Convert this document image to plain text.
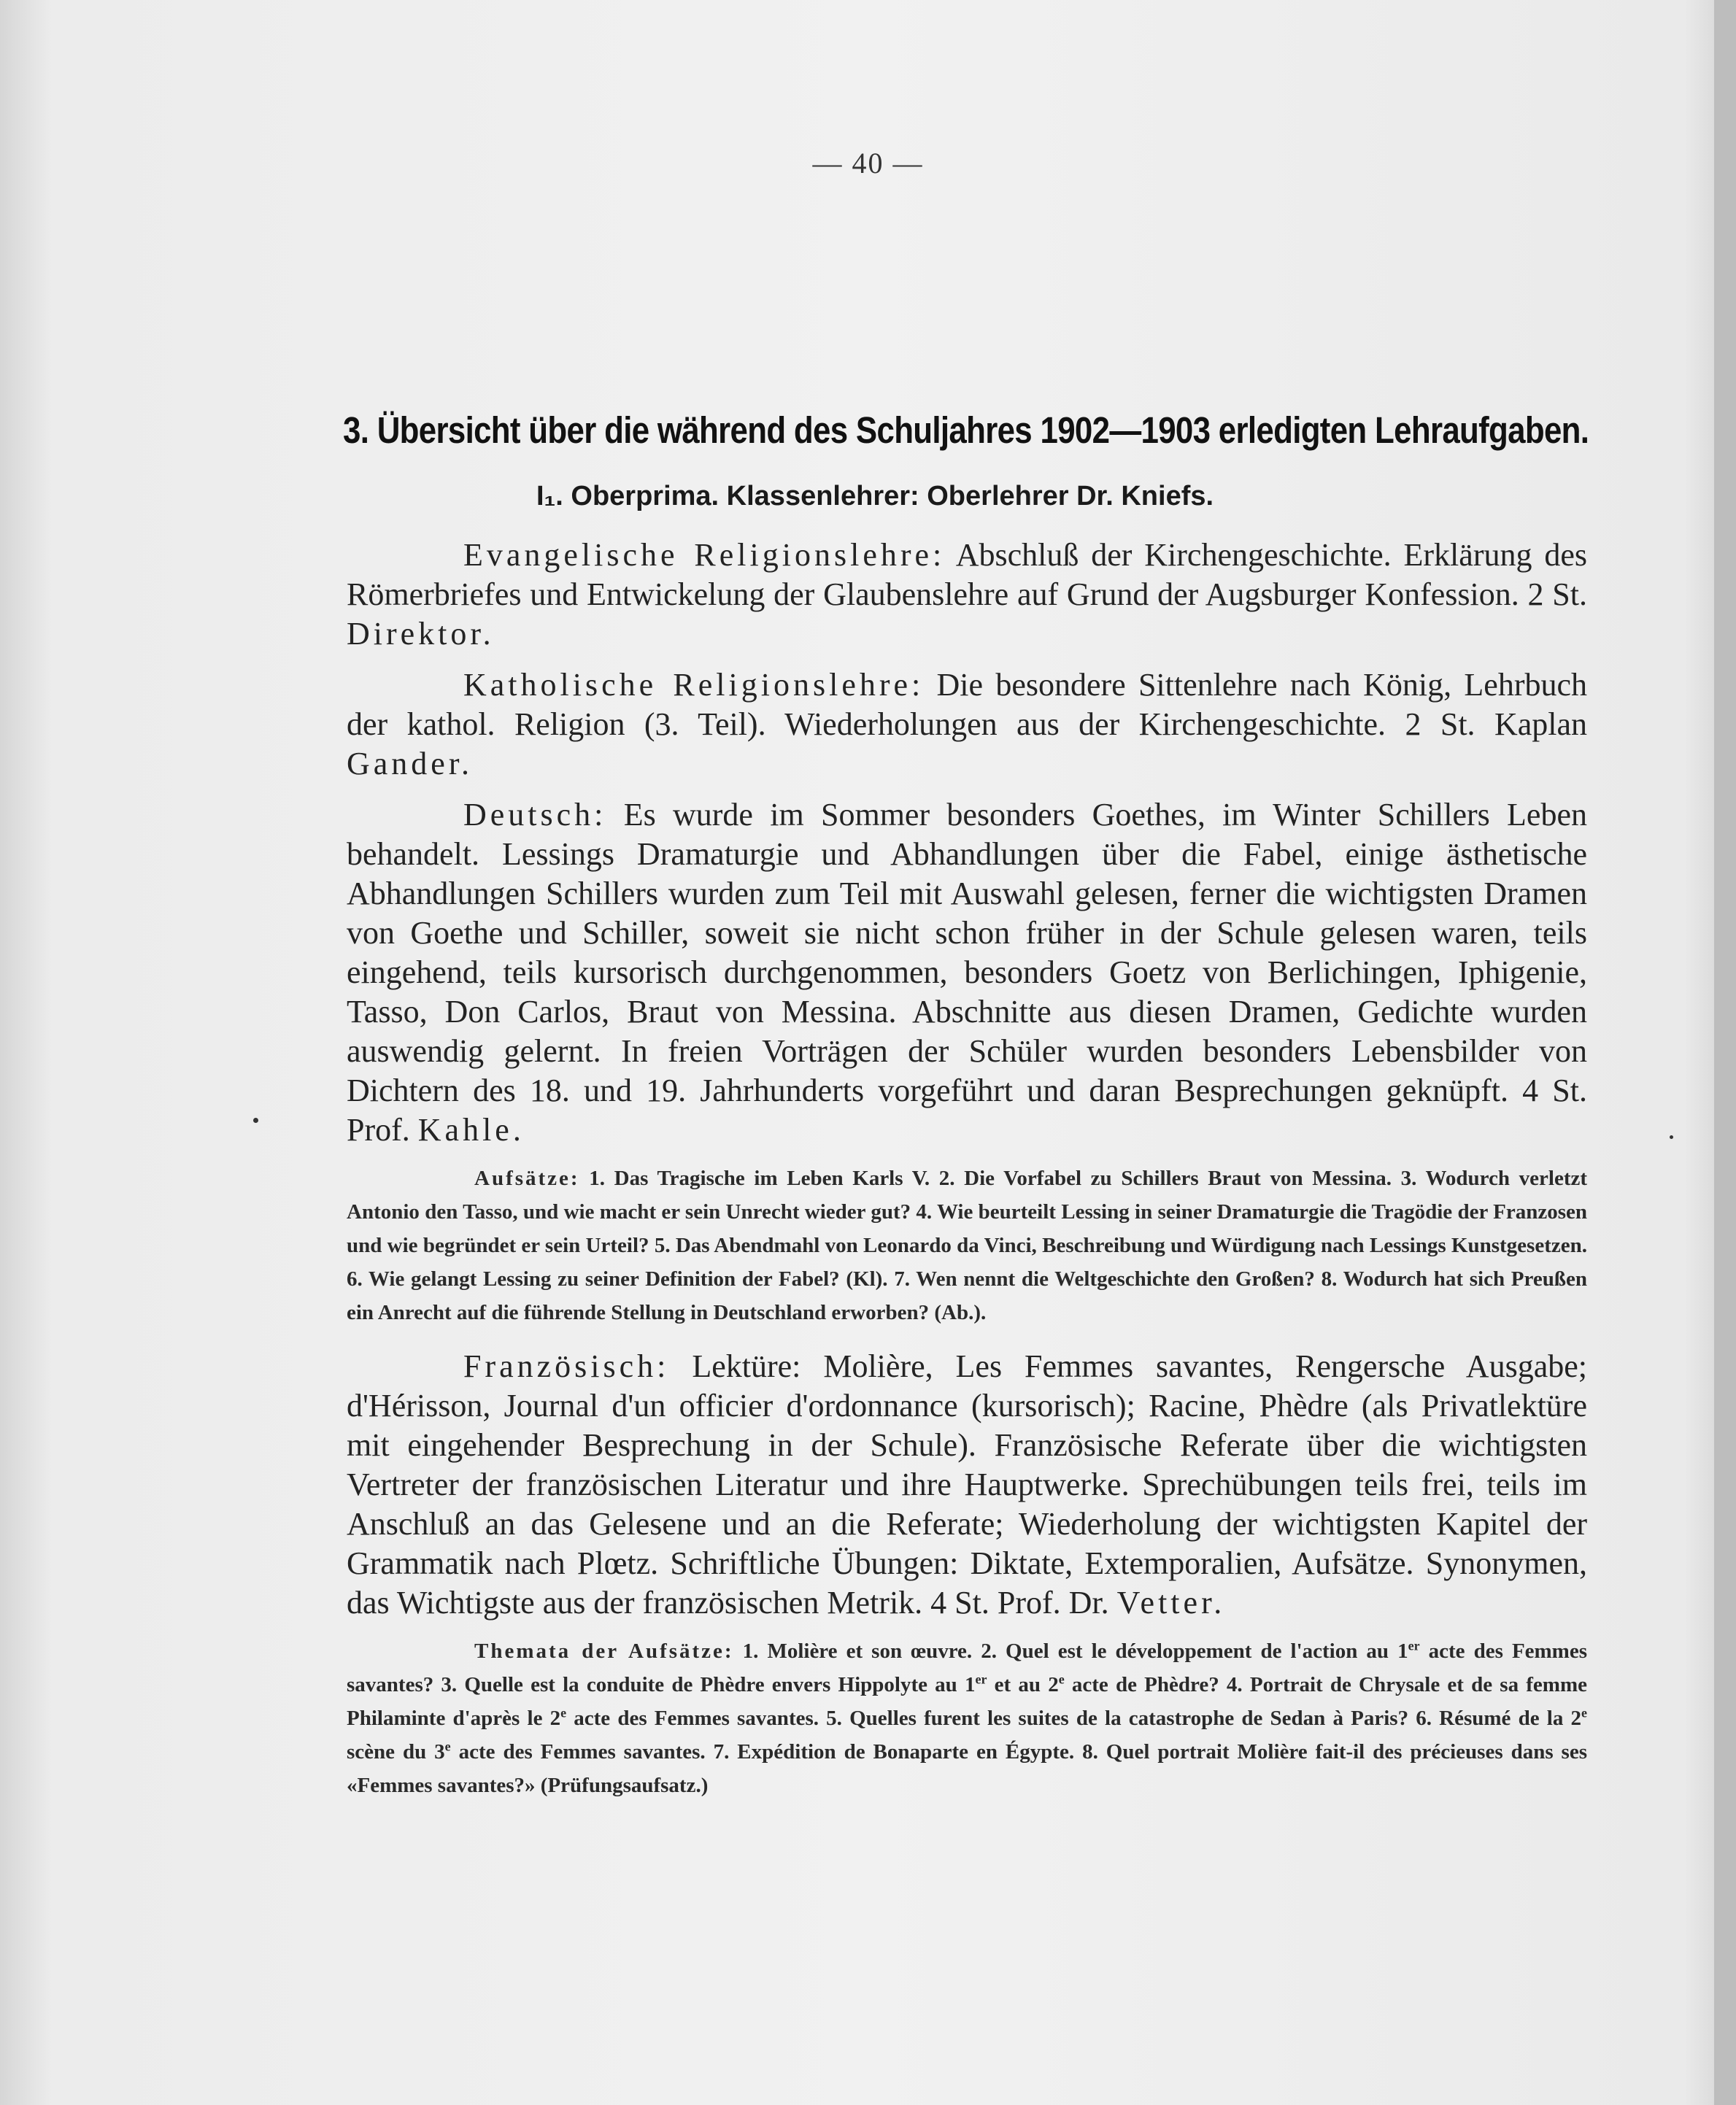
— 40 —
3. Übersicht über die während des Schuljahres 1902—1903 erledigten Lehraufgaben.
I₁. Oberprima. Klassenlehrer: Oberlehrer Dr. Kniefs.

Evangelische Religionslehre: Abschluß der Kirchengeschichte. Erklärung des Römerbriefes und Entwickelung der Glaubenslehre auf Grund der Augsburger Konfession. 2 St. Direktor.

Katholische Religionslehre: Die besondere Sittenlehre nach König, Lehrbuch der kathol. Religion (3. Teil). Wiederholungen aus der Kirchengeschichte. 2 St. Kaplan Gander.

Deutsch: Es wurde im Sommer besonders Goethes, im Winter Schillers Leben behandelt. Lessings Dramaturgie und Abhandlungen über die Fabel, einige ästhetische Abhandlungen Schillers wurden zum Teil mit Auswahl gelesen, ferner die wichtigsten Dramen von Goethe und Schiller, soweit sie nicht schon früher in der Schule gelesen waren, teils eingehend, teils kursorisch durchgenommen, besonders Goetz von Berlichingen, Iphigenie, Tasso, Don Carlos, Braut von Messina. Abschnitte aus diesen Dramen, Gedichte wurden auswendig gelernt. In freien Vorträgen der Schüler wurden besonders Lebensbilder von Dichtern des 18. und 19. Jahrhunderts vorgeführt und daran Besprechungen geknüpft. 4 St. Prof. Kahle.

Aufsätze: 1. Das Tragische im Leben Karls V. 2. Die Vorfabel zu Schillers Braut von Messina. 3. Wodurch verletzt Antonio den Tasso, und wie macht er sein Unrecht wieder gut? 4. Wie beurteilt Lessing in seiner Dramaturgie die Tragödie der Franzosen und wie begründet er sein Urteil? 5. Das Abendmahl von Leonardo da Vinci, Beschreibung und Würdigung nach Lessings Kunstgesetzen. 6. Wie gelangt Lessing zu seiner Definition der Fabel? (Kl). 7. Wen nennt die Weltgeschichte den Großen? 8. Wodurch hat sich Preußen ein Anrecht auf die führende Stellung in Deutschland erworben? (Ab.).

Französisch: Lektüre: Molière, Les Femmes savantes, Rengersche Ausgabe; d'Hérisson, Journal d'un officier d'ordonnance (kursorisch); Racine, Phèdre (als Privatlektüre mit eingehender Besprechung in der Schule). Französische Referate über die wichtigsten Vertreter der französischen Literatur und ihre Hauptwerke. Sprechübungen teils frei, teils im Anschluß an das Gelesene und an die Referate; Wiederholung der wichtigsten Kapitel der Grammatik nach Plœtz. Schriftliche Übungen: Diktate, Extemporalien, Aufsätze. Synonymen, das Wichtigste aus der französischen Metrik. 4 St. Prof. Dr. Vetter.

Themata der Aufsätze: 1. Molière et son œuvre. 2. Quel est le développement de l'action au 1er acte des Femmes savantes? 3. Quelle est la conduite de Phèdre envers Hippolyte au 1er et au 2e acte de Phèdre? 4. Portrait de Chrysale et de sa femme Philaminte d'après le 2e acte des Femmes savantes. 5. Quelles furent les suites de la catastrophe de Sedan à Paris? 6. Résumé de la 2e scène du 3e acte des Femmes savantes. 7. Expédition de Bonaparte en Égypte. 8. Quel portrait Molière fait-il des précieuses dans ses «Femmes savantes?» (Prüfungsaufsatz.)
